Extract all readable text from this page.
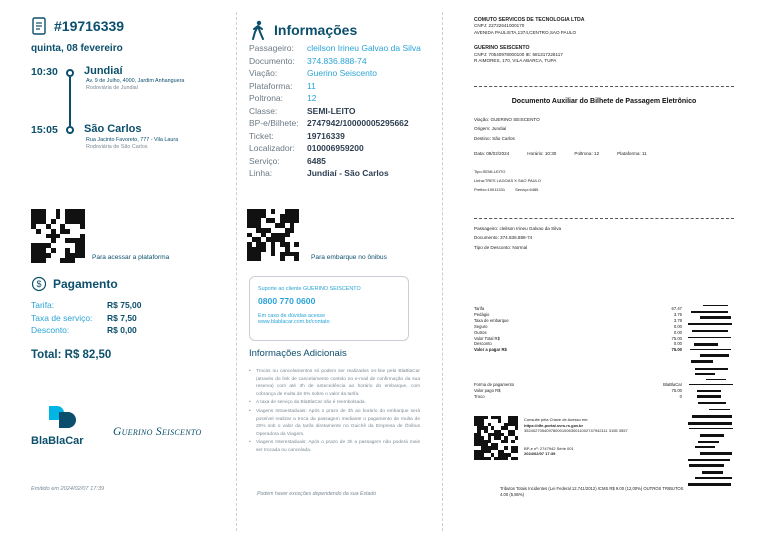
#19716339
quinta, 08 fevereiro
10:30 Jundiaí
Av. 9 de Julho, 4000, Jardim Anhanguera
Rodoviária de Jundiaí
15:05 São Carlos
Rua Jacinto Favoreto, 777 - Vila Laura
Rodoviária de São Carlos
Para acessar a plataforma
$ Pagamento
Tarifa:	R$ 75,00
Taxa de serviço:	R$ 7,50
Desconto:	R$ 0,00
Total: R$ 82,50
BlaBlaCar
Guerino Seiscento
Emitido em 2024/02/07 17:39
Informações
Passageiro:	cleilson Irineu Galvao da Silva
Documento:	374.836.888-74
Viação:	Guerino Seiscento
Plataforma:	11
Poltrona:	12
Classe:	SEMI-LEITO
BP-e/Bilhete: 2747942/10000005295662
Ticket:	19716339
Localizador:	010006959200
Serviço:	6485
Linha:	Jundiaí - São Carlos
Para embarque no ônibus
Suporte ao cliente GUERINO SEISCENTO
0800 770 0600
Em caso de dúvidas acesse
www.blablacar.com.br/contato
Informações Adicionais
• Trocas ou cancelamentos só podem ser realizados on-line pela BlaBlaCar (através do link de cancelamento contido no e-mail de confirmação da sua reserva) com até 3h de antecedência ao horário do embarque, com cobrança de multa de 5% sobre o valor da tarifa.
• A taxa de serviço da BlaBlaCar não é reembolsada.
• Viagens Intraestaduais: Após o prazo de 3h ao horário do embarque será possível realizar a troca da passagem mediante o pagamento de multa de 20% sob o valor da tarifa diretamente no Guichê da Empresa de Ônibus Operadora da Viagem.
• Viagens Interestaduais: Após o prazo de 3h a passagem não poderá mais ser trocada ou cancelada.
Podem haver exceções dependendo da sua Estado
COMUTO SERVICOS DE TECNOLOGIA LTDA
CNPJ: 22722641000170
AVENIDA PAULISTA,1374,CENTRO,SAO PAULO
GUERINO SEISCENTO
CNPJ: 70540978000100 IE: 681317228117
R AIMORES, 170, VILA ABARCA, TUPA
Documento Auxiliar do Bilhete de Passagem Eletrônico
Viação: GUERINO SEISCENTO
Origem: Jundiaí
Destino: São Carlos
Data: 08/02/2024	Horário: 10:30	Poltrona: 12	Plataforma: 11
Tipo:SEMI-LEITO
Linha:TRES LAGOAS X SAO PAULO
Prefixo:19011331	Serviço:6485
Passageiro: cleilson Irineu Galvao da Silva
Documento: 374.836.888-74
Tipo de Desconto: Normal
Tarifa	67.47
Pedágio	3.75
Taxa de embarque	3.78
Seguro	0.00
Outros	0.00
Valor Total R$	75.00
Desconto	0.00
Valor a pagar R$	75.00
Forma de pagamento	BlaBlaCar
Valor pago R$	75.00
Troco	0
Consulte pela Chave de Acesso em:
https://dfe-portal.svrs.rs.gov.br
35240270540978000100630011002747942111 3155 3557
BP-e nº: 2747942 Série 001
2024/02/07 17:39
Tributos Totais Incidentes (Lei Federal 12.741/2012) ICMS R$ 9.00 (12,00%) OUTROS TRIBUTOS 4.00 (5,86%)
